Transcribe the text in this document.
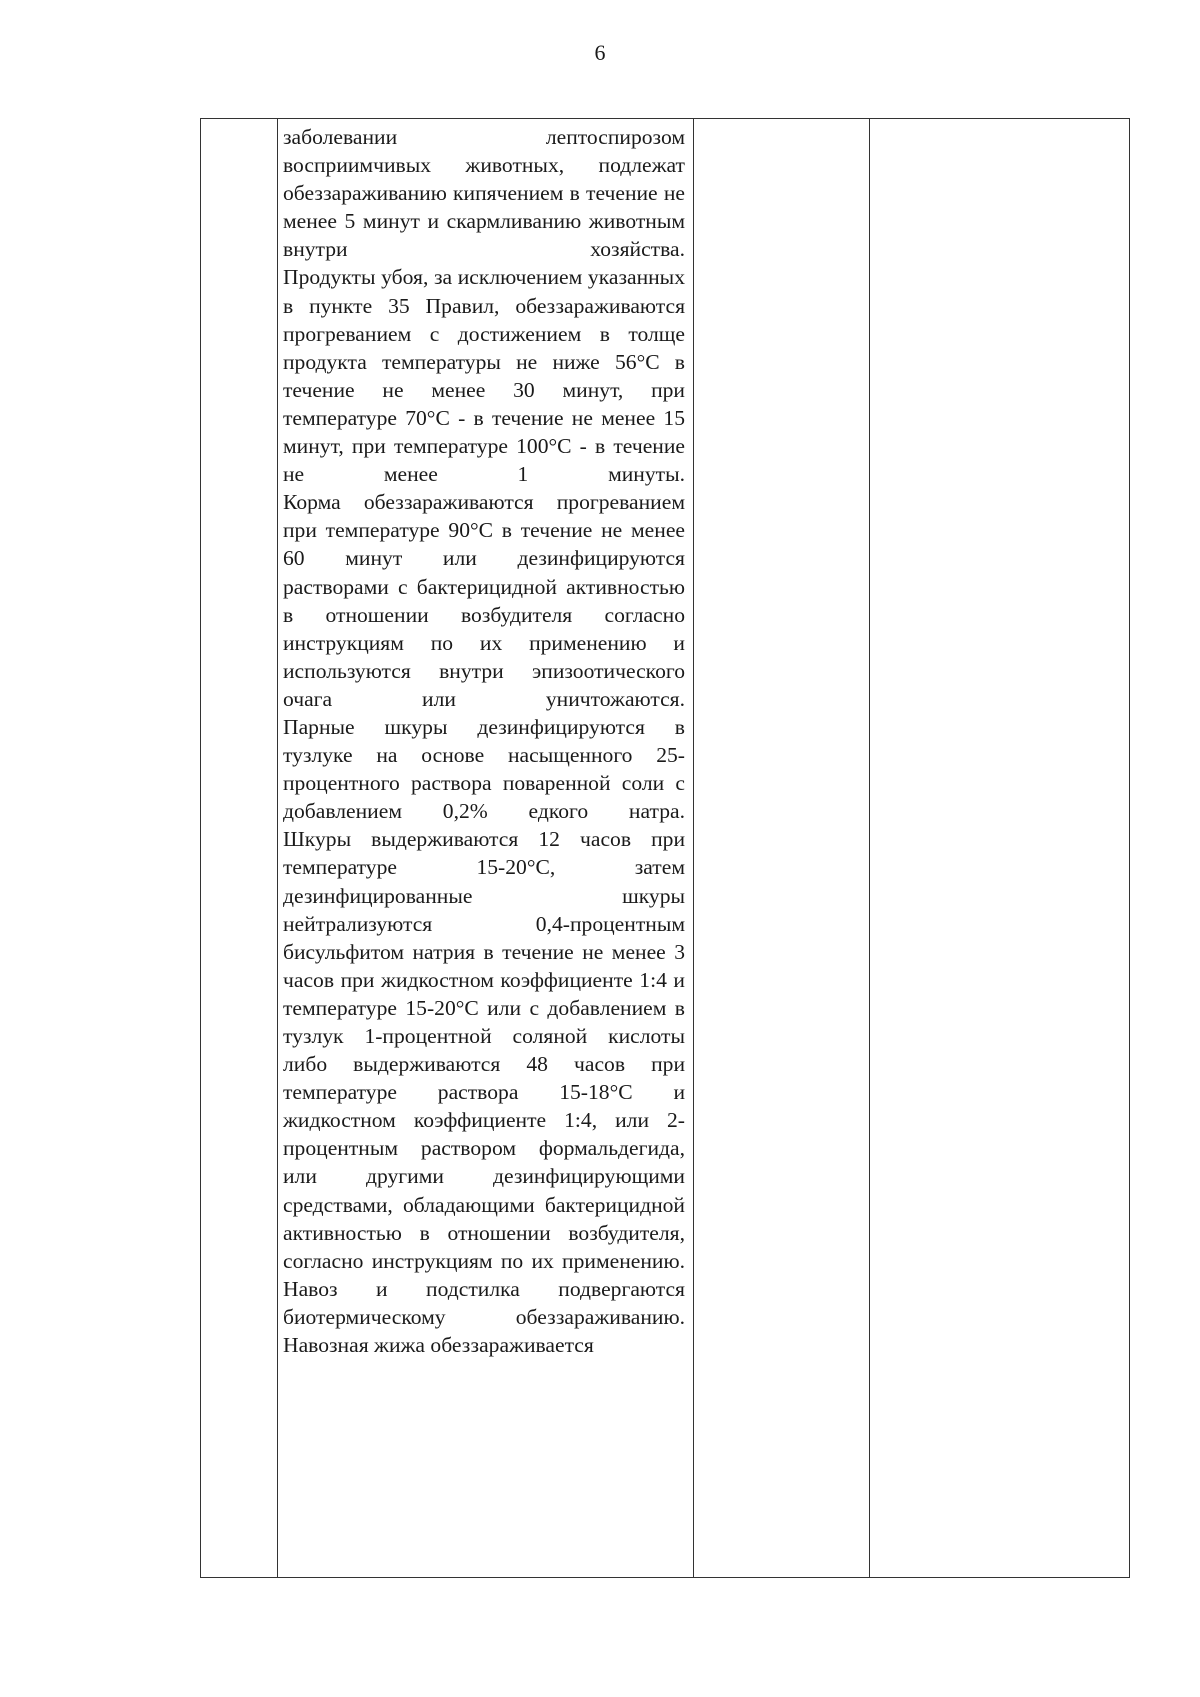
6

заболевании лептоспирозом восприимчивых животных, подлежат обеззараживанию кипячением в течение не менее 5 минут и скармливанию животным внутри хозяйства.

Продукты убоя, за исключением указанных в пункте 35 Правил, обеззараживаются прогреванием с достижением в толще продукта температуры не ниже 56°С в течение не менее 30 минут, при температуре 70°С - в течение не менее 15 минут, при температуре 100°С - в течение не менее 1 минуты.

Корма обеззараживаются прогреванием при температуре 90°С в течение не менее 60 минут или дезинфицируются растворами с бактерицидной активностью в отношении возбудителя согласно инструкциям по их применению и используются внутри эпизоотического очага или уничтожаются.

Парные шкуры дезинфицируются в тузлуке на основе насыщенного 25-процентного раствора поваренной соли с добавлением 0,2% едкого натра.

Шкуры выдерживаются 12 часов при температуре 15-20°С, затем дезинфицированные шкуры нейтрализуются 0,4-процентным бисульфитом натрия в течение не менее 3 часов при жидкостном коэффициенте 1:4 и температуре 15-20°С или с добавлением в тузлук 1-процентной соляной кислоты либо выдерживаются 48 часов при температуре раствора 15-18°С и жидкостном коэффициенте 1:4, или 2-процентным раствором формальдегида, или другими дезинфицирующими средствами, обладающими бактерицидной активностью в отношении возбудителя, согласно инструкциям по их применению.

Навоз и подстилка подвергаются биотермическому обеззараживанию.

Навозная жижа обеззараживается
